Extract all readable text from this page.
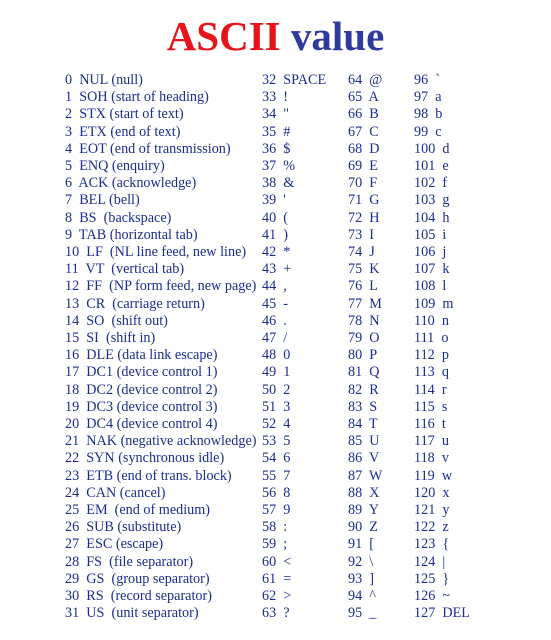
ASCII value
0  NUL (null)	32  SPACE 64  @ 96  `
1  SOH (start of heading)	33  !	65  A 97  a
2  STX (start of text)	34  "	66  B 98  b
3  ETX (end of text)	35  #	67  C 99  c
4  EOT (end of transmission) 36  $	68  D 100  d
5  ENQ (enquiry)	37  %	69  E	101  e
6  ACK (acknowledge)	38  &	70  F	102  f
7  BEL (bell)	39  '	71  G 103  g
8  BS  (backspace)	40  (	72  H 104  h
9  TAB (horizontal tab)	41  )	73  I	105  i
10  LF  (NL line feed, new line) 42  *	74  J	106  j
11  VT  (vertical tab)	43  +	75  K 107  k
12  FF  (NP form feed, new page) 44  ,	76  L	108  l
13  CR  (carriage return)	45  -	77  M 109  m
14  SO  (shift out)	46  .	78  N 110  n
15  SI  (shift in)	47  /	79  O 111  o
16  DLE (data link escape)	48  0	80  P	112  p
17  DC1 (device control 1)	49  1	81  Q 113  q
18  DC2 (device control 2)	50  2	82  R 114  r
19  DC3 (device control 3)	51  3	83  S	115  s
20  DC4 (device control 4)	52  4	84  T	116  t
21  NAK (negative acknowledge) 53  5	85  U 117  u
22  SYN (synchronous idle)	54  6	86  V 118  v
23  ETB (end of trans. block) 55  7	87  W 119  w
24  CAN (cancel)	56  8	88  X 120  x
25  EM  (end of medium)	57  9	89  Y 121  y
26  SUB (substitute)	58  :	90  Z	122  z
27  ESC (escape)	59  ;	91  [	123  {
28  FS  (file separator)	60  <	92  \	124  |
29  GS  (group separator)	61  =	93  ]	125  }
30  RS  (record separator)	62  >	94  ^	126  ~
31  US  (unit separator)	63  ?	95  _	127  DEL
